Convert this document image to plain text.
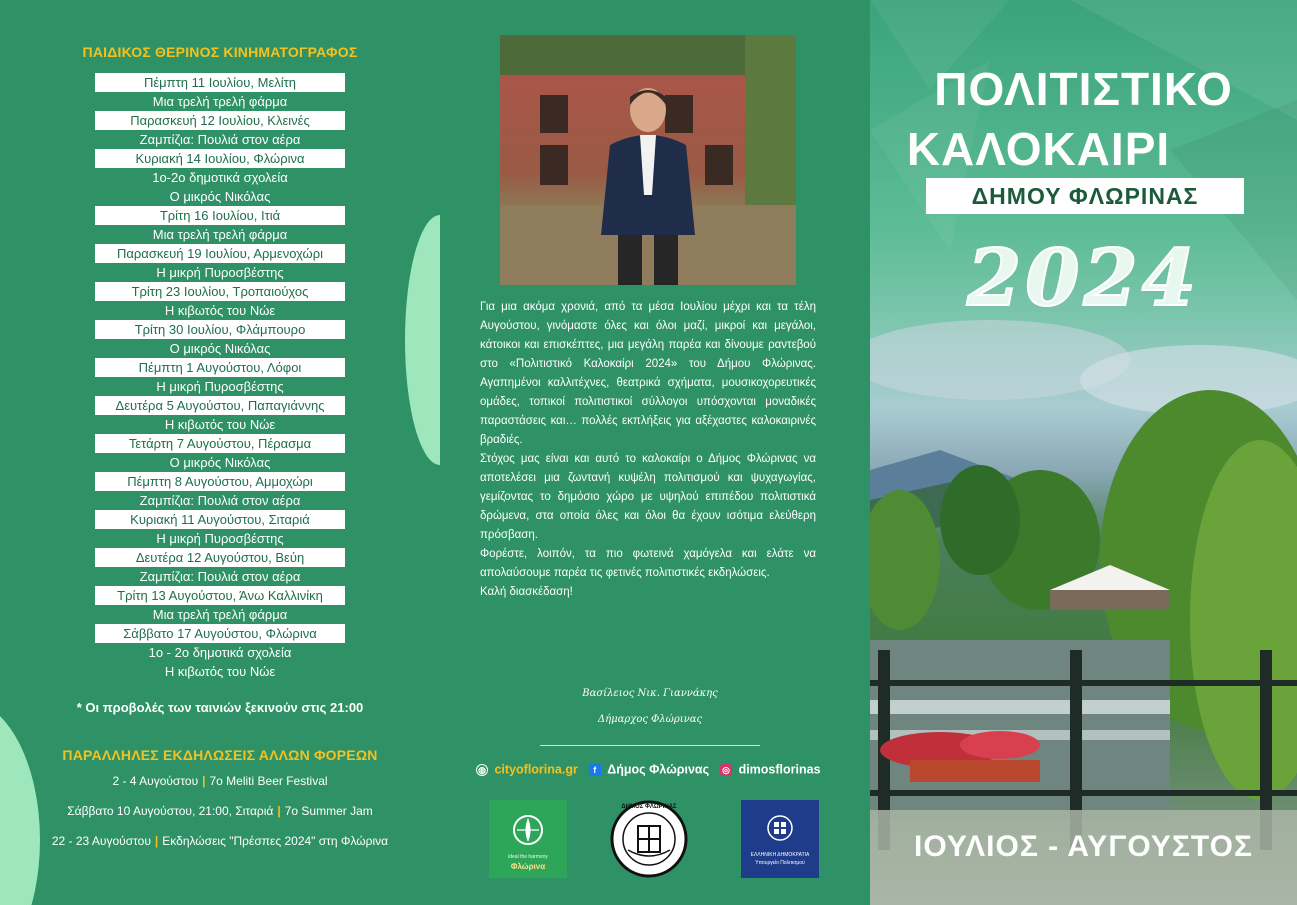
ΠΑΙΔΙΚΟΣ ΘΕΡΙΝΟΣ ΚΙΝΗΜΑΤΟΓΡΑΦΟΣ
Πέμπτη 11 Ιουλίου, Μελίτη
Μια τρελή τρελή φάρμα
Παρασκευή 12 Ιουλίου, Κλεινές
Ζαμπίζια: Πουλιά στον αέρα
Κυριακή 14 Ιουλίου, Φλώρινα
1ο-2ο δημοτικά σχολεία
Ο μικρός Νικόλας
Τρίτη 16 Ιουλίου, Ιτιά
Μια τρελή τρελή φάρμα
Παρασκευή 19 Ιουλίου, Αρμενοχώρι
Η μικρή Πυροσβέστης
Τρίτη 23 Ιουλίου, Τροπαιούχος
Η κιβωτός του Νώε
Τρίτη 30 Ιουλίου, Φλάμπουρο
Ο μικρός Νικόλας
Πέμπτη 1 Αυγούστου, Λόφοι
Η μικρή Πυροσβέστης
Δευτέρα 5 Αυγούστου, Παπαγιάννης
Η κιβωτός του Νώε
Τετάρτη 7 Αυγούστου, Πέρασμα
Ο μικρός Νικόλας
Πέμπτη 8 Αυγούστου, Αμμοχώρι
Ζαμπίζια: Πουλιά στον αέρα
Κυριακή 11 Αυγούστου, Σιταριά
Η μικρή Πυροσβέστης
Δευτέρα 12 Αυγούστου, Βεύη
Ζαμπίζια: Πουλιά στον αέρα
Τρίτη 13 Αυγούστου, Άνω Καλλινίκη
Μια τρελή τρελή φάρμα
Σάββατο 17 Αυγούστου, Φλώρινα
1ο - 2ο δημοτικά σχολεία
Η κιβωτός του Νώε
* Οι προβολές των ταινιών ξεκινούν στις 21:00
ΠΑΡΑΛΛΗΛΕΣ ΕΚΔΗΛΩΣΕΙΣ ΑΛΛΩΝ ΦΟΡΕΩΝ
2 - 4 Αυγούστου | 7ο Meliti Beer Festival
Σάββατο 10 Αυγούστου, 21:00, Σιταριά | 7ο Summer Jam
22 - 23 Αυγούστου | Εκδηλώσεις "Πρέσπες 2024" στη Φλώρινα

Για μια ακόμα χρονιά, από τα μέσα Ιουλίου μέχρι και τα τέλη Αυγούστου, γινόμαστε όλες και όλοι μαζί, μικροί και μεγάλοι, κάτοικοι και επισκέπτες, μια μεγάλη παρέα και δίνουμε ραντεβού στο «Πολιτιστικό Καλοκαίρι 2024» του Δήμου Φλώρινας. Αγαπημένοι καλλιτέχνες, θεατρικά σχήματα, μουσικοχορευτικές ομάδες, τοπικοί πολιτιστικοί σύλλογοι υπόσχονται μοναδικές παραστάσεις και… πολλές εκπλήξεις για αξέχαστες καλοκαιρινές βραδιές.

Στόχος μας είναι και αυτό το καλοκαίρι ο Δήμος Φλώρινας να αποτελέσει μια ζωντανή κυψέλη πολιτισμού και ψυχαγωγίας, γεμίζοντας το δημόσιο χώρο με υψηλού επιπέδου πολιτιστικά δρώμενα, στα οποία όλες και όλοι θα έχουν ισότιμα ελεύθερη πρόσβαση.

Φορέστε, λοιπόν, τα πιο φωτεινά χαμόγελα και ελάτε να απολαύσουμε παρέα τις φετινές πολιτιστικές εκδηλώσεις.

Καλή διασκέδαση!

Βασίλειος Νικ. Γιαννάκης
Δήμαρχος Φλώρινας
◍ cityoflorina.gr f Δήμος Φλώρινας ◎ dimosflorinas
ideal the harmony
Φλώρινα
ΔΗΜΟΣ ΦΛΩΡΙΝΑΣ
ΕΛΛΗΝΙΚΗ ΔΗΜΟΚΡΑΤΙΑ
Υπουργείο Πολιτισμού
ΠΟΛΙΤΙΣΤΙΚΟ
ΚΑΛΟΚΑΙΡΙ
ΔΗΜΟΥ ΦΛΩΡΙΝΑΣ
2024
ΙΟΥΛΙΟΣ - ΑΥΓΟΥΣΤΟΣ
